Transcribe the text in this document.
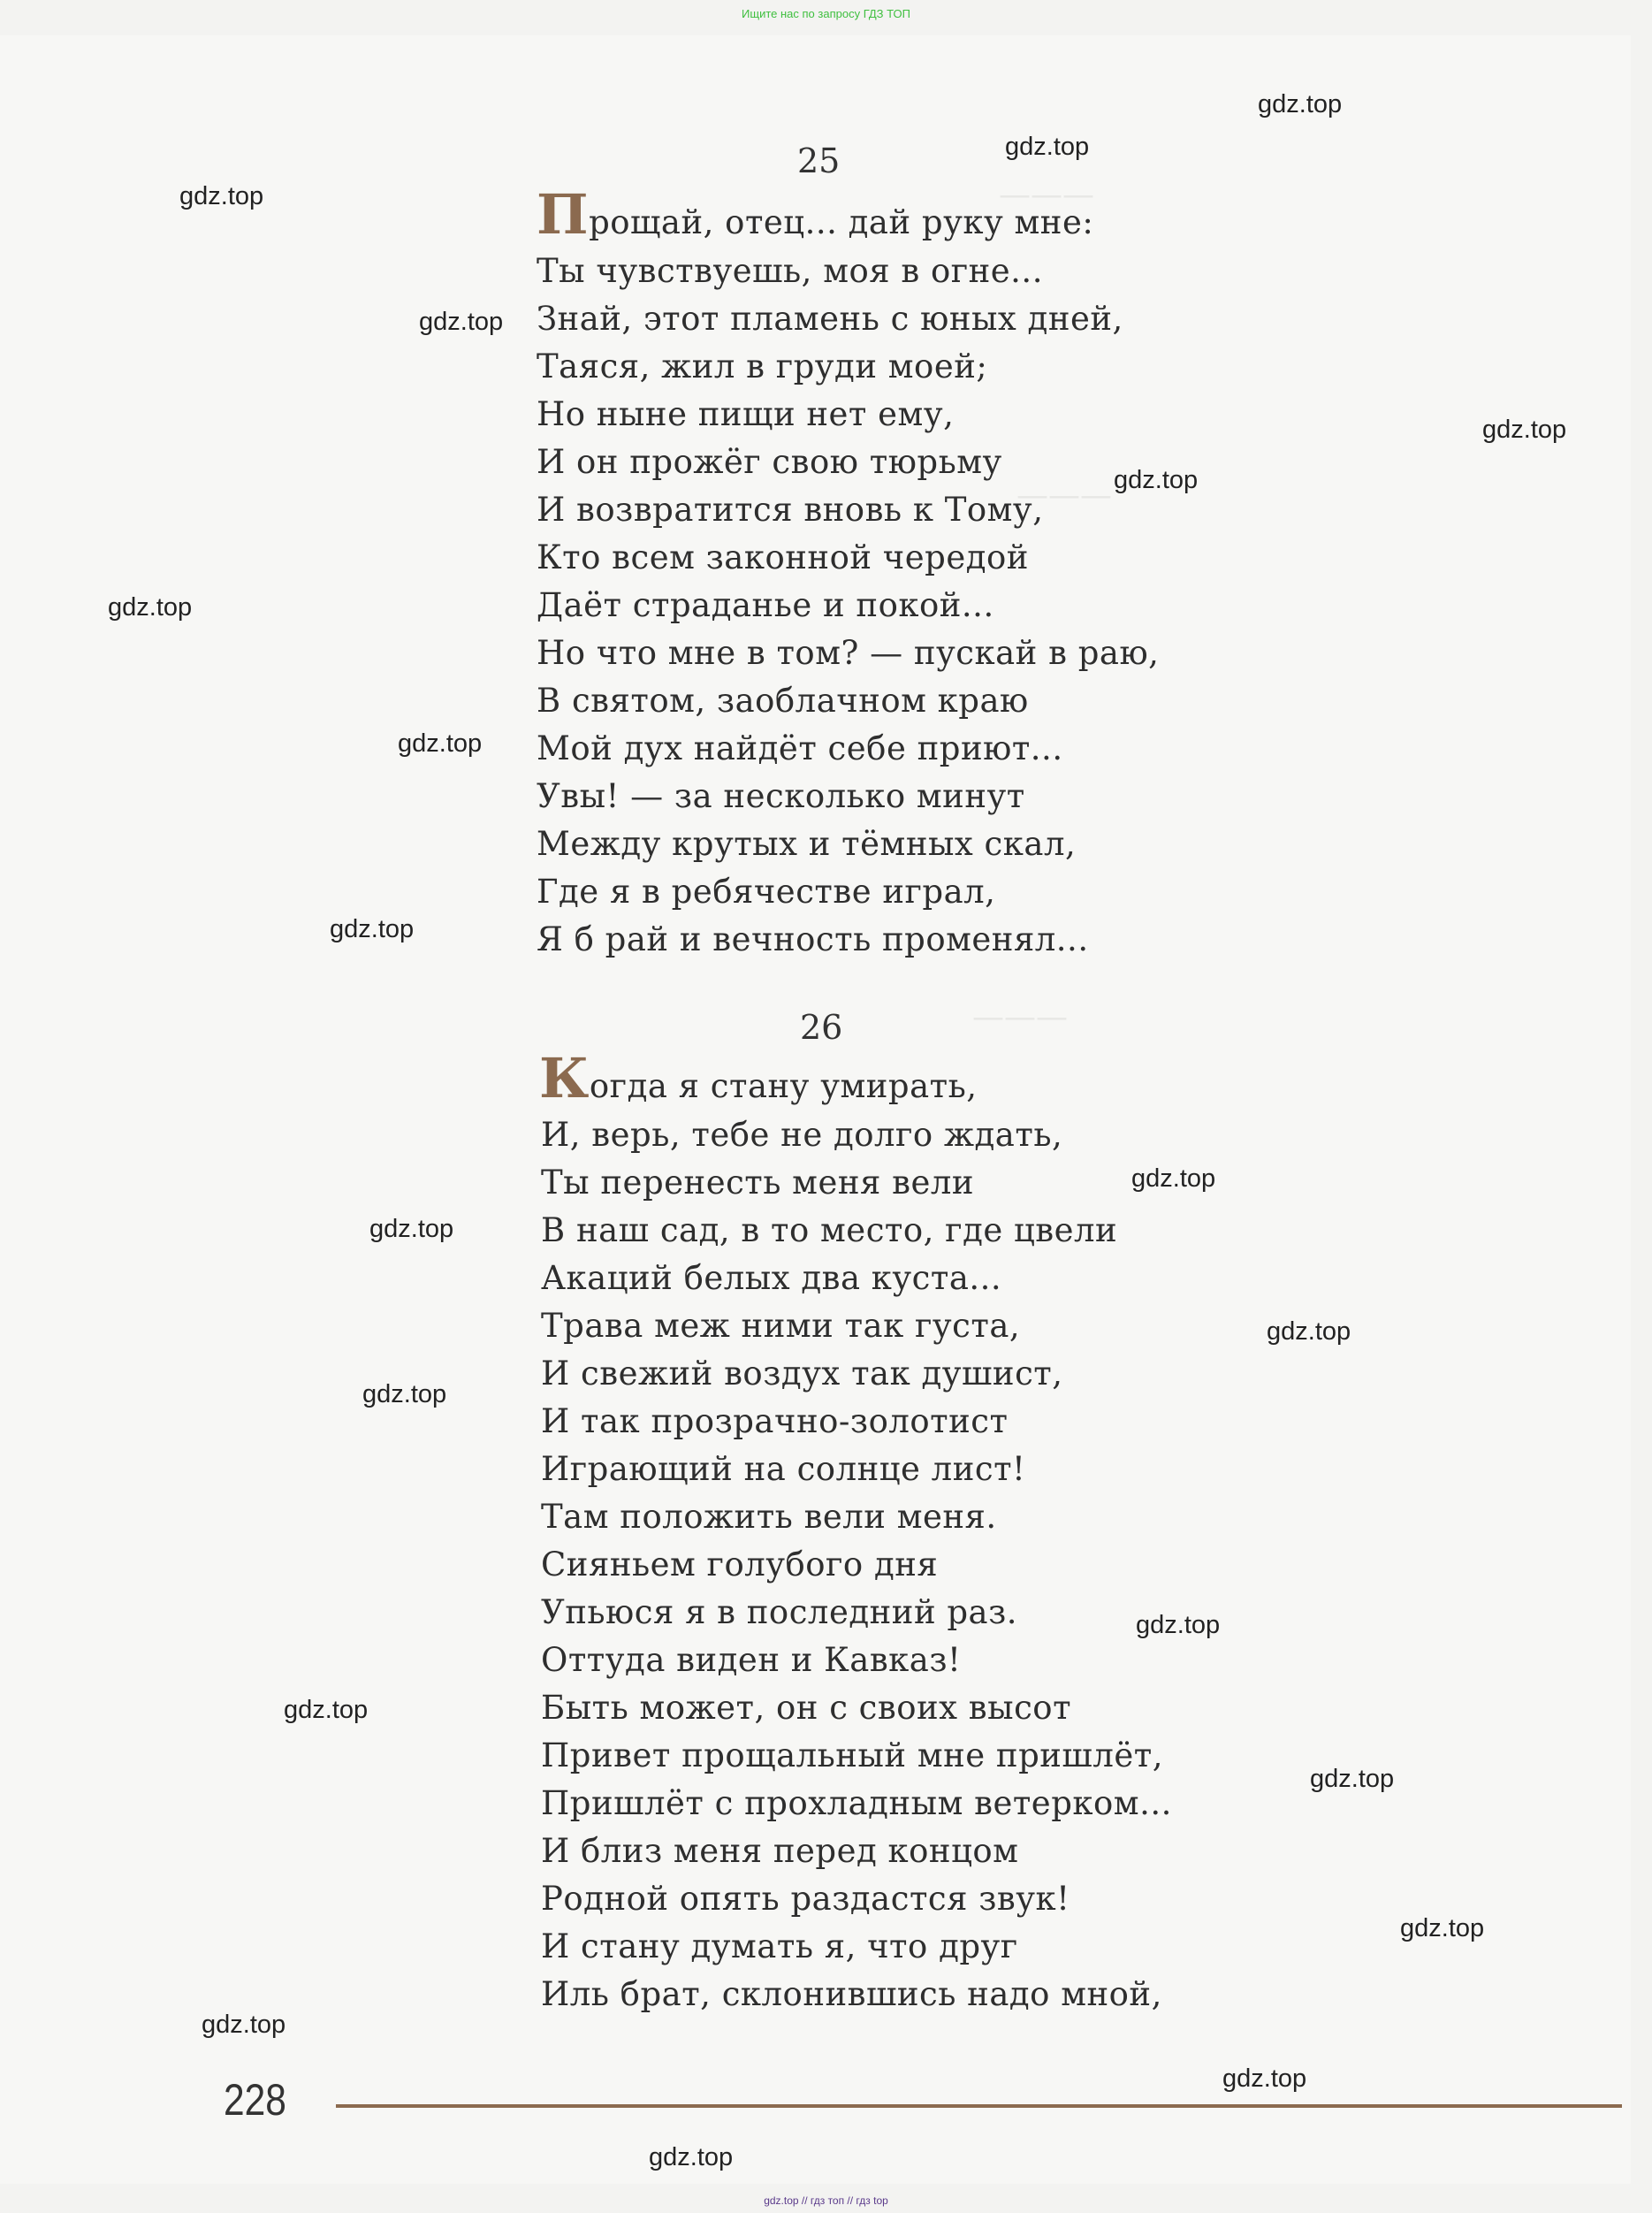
Ищите нас по запросу ГДЗ ТОП
———
———
———
25
Прощай, отец... дай руку мне:
Ты чувствуешь, моя в огне...
Знай, этот пламень с юных дней,
Таяся, жил в груди моей;
Но ныне пищи нет ему,
И он прожёг свою тюрьму
И возвратится вновь к Тому,
Кто всем законной чередой
Даёт страданье и покой...
Но что мне в том? — пускай в раю,
В святом, заоблачном краю
Мой дух найдёт себе приют...
Увы! — за несколько минут
Между крутых и тёмных скал,
Где я в ребячестве играл,
Я б рай и вечность променял...
26
Когда я стану умирать,
И, верь, тебе не долго ждать,
Ты перенесть меня вели
В наш сад, в то место, где цвели
Акаций белых два куста...
Трава меж ними так густа,
И свежий воздух так душист,
И так прозрачно-золотист
Играющий на солнце лист!
Там положить вели меня.
Сияньем голубого дня
Упьюся я в последний раз.
Оттуда виден и Кавказ!
Быть может, он с своих высот
Привет прощальный мне пришлёт,
Пришлёт с прохладным ветерком...
И близ меня перед концом
Родной опять раздастся звук!
И стану думать я, что друг
Иль брат, склонившись надо мной,
gdz.top
gdz.top
gdz.top
gdz.top
gdz.top
gdz.top
gdz.top
gdz.top
gdz.top
gdz.top
gdz.top
gdz.top
gdz.top
gdz.top
gdz.top
gdz.top
gdz.top
gdz.top
gdz.top
gdz.top
228
gdz.top // гдз топ // гдз top
